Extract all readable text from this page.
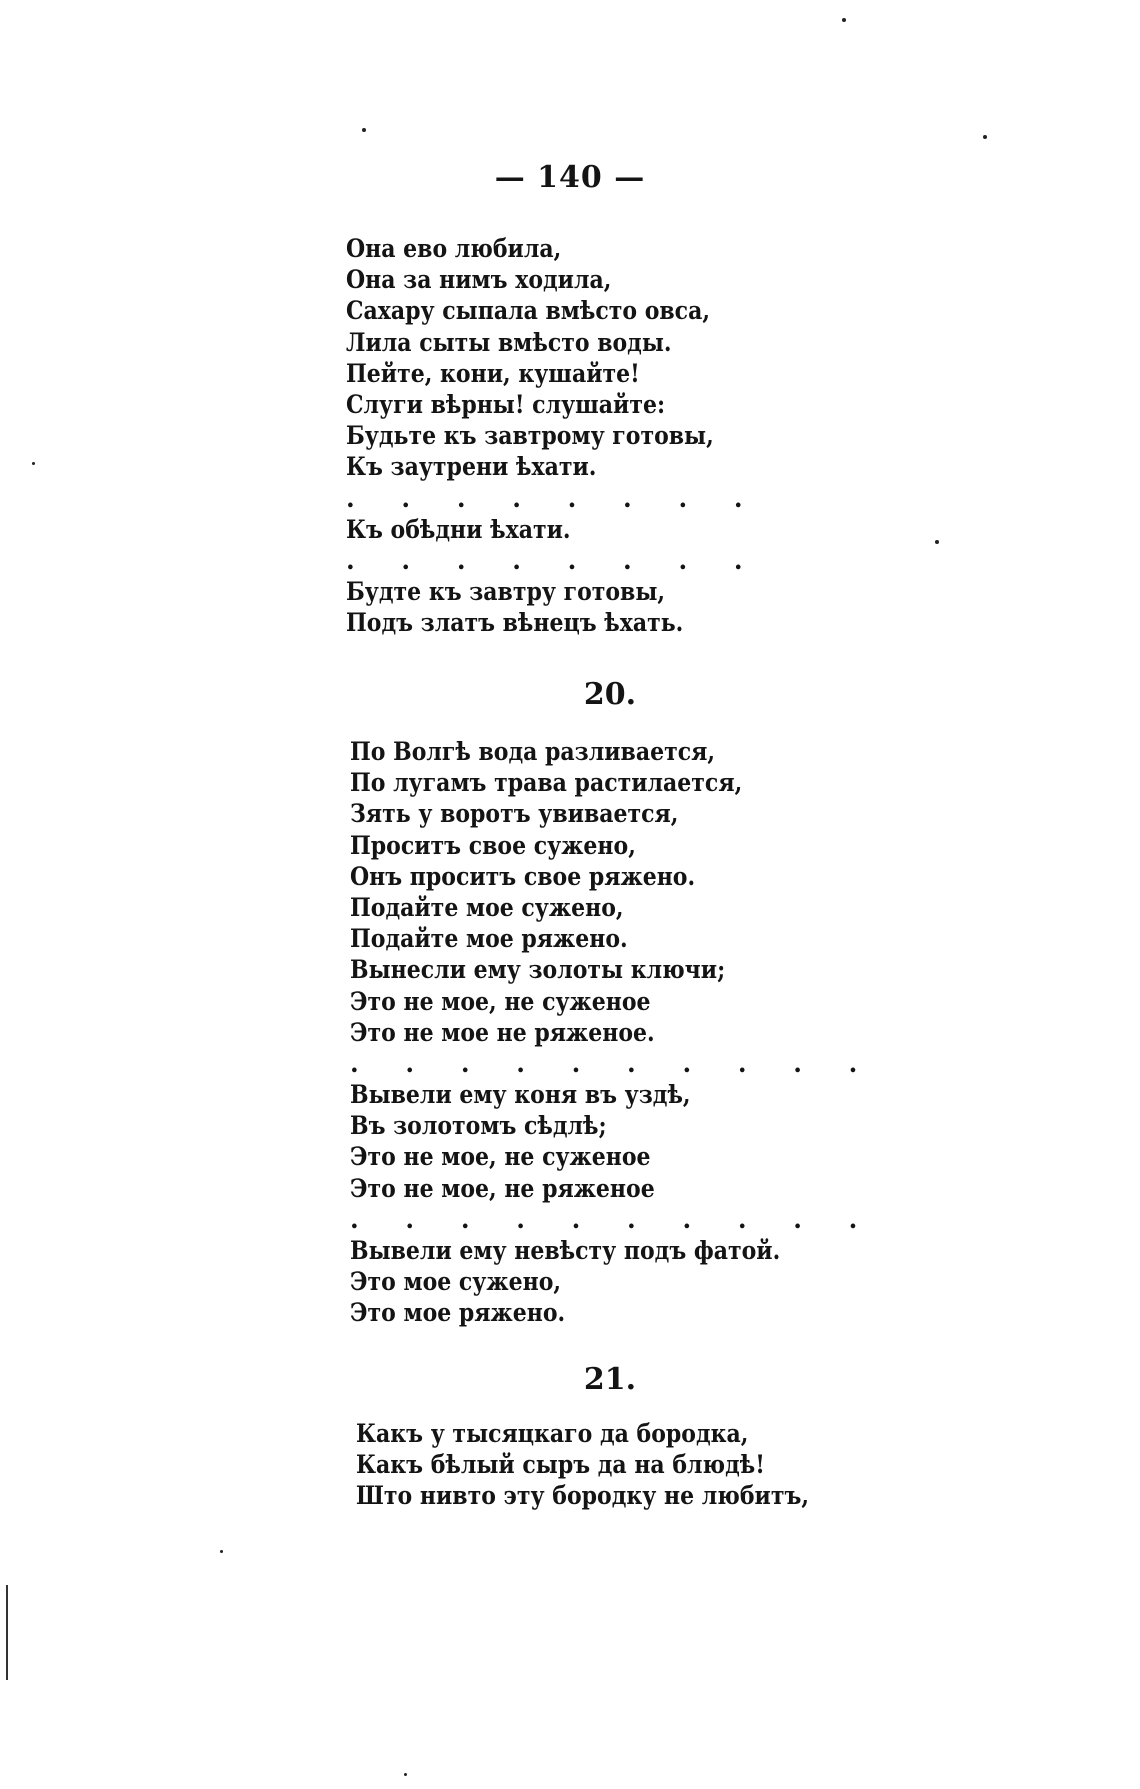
— 140 —
Она ево любила,
Она за нимъ ходила,
Сахару сыпала вмѣсто овса,
Лила сыты вмѣсто воды.
Пейте, кони, кушайте!
Слуги вѣрны! слушайте:
Будьте къ завтрому готовы,
Къ заутрени ѣхати.
. . . . . . . .
Къ обѣдни ѣхати.
. . . . . . . .
Будте къ завтру готовы,
Подъ златъ вѣнецъ ѣхать.
20.
По Волгѣ вода разливается,
По лугамъ трава растилается,
Зять у воротъ увивается,
Проситъ свое сужено,
Онъ проситъ свое ряжено.
Подайте мое сужено,
Подайте мое ряжено.
Вынесли ему золоты ключи;
Это не мое, не суженое
Это не мое не ряженое.
. . . . . . . . . .
Вывели ему коня въ уздѣ,
Въ золотомъ сѣдлѣ;
Это не мое, не суженое
Это не мое, не ряженое
. . . . . . . . . .
Вывели ему невѣсту подъ фатой.
Это мое сужено,
Это мое ряжено.
21.
Какъ у тысяцкаго да бородка,
Какъ бѣлый сыръ да на блюдѣ!
Што нивто эту бородку не любитъ,
